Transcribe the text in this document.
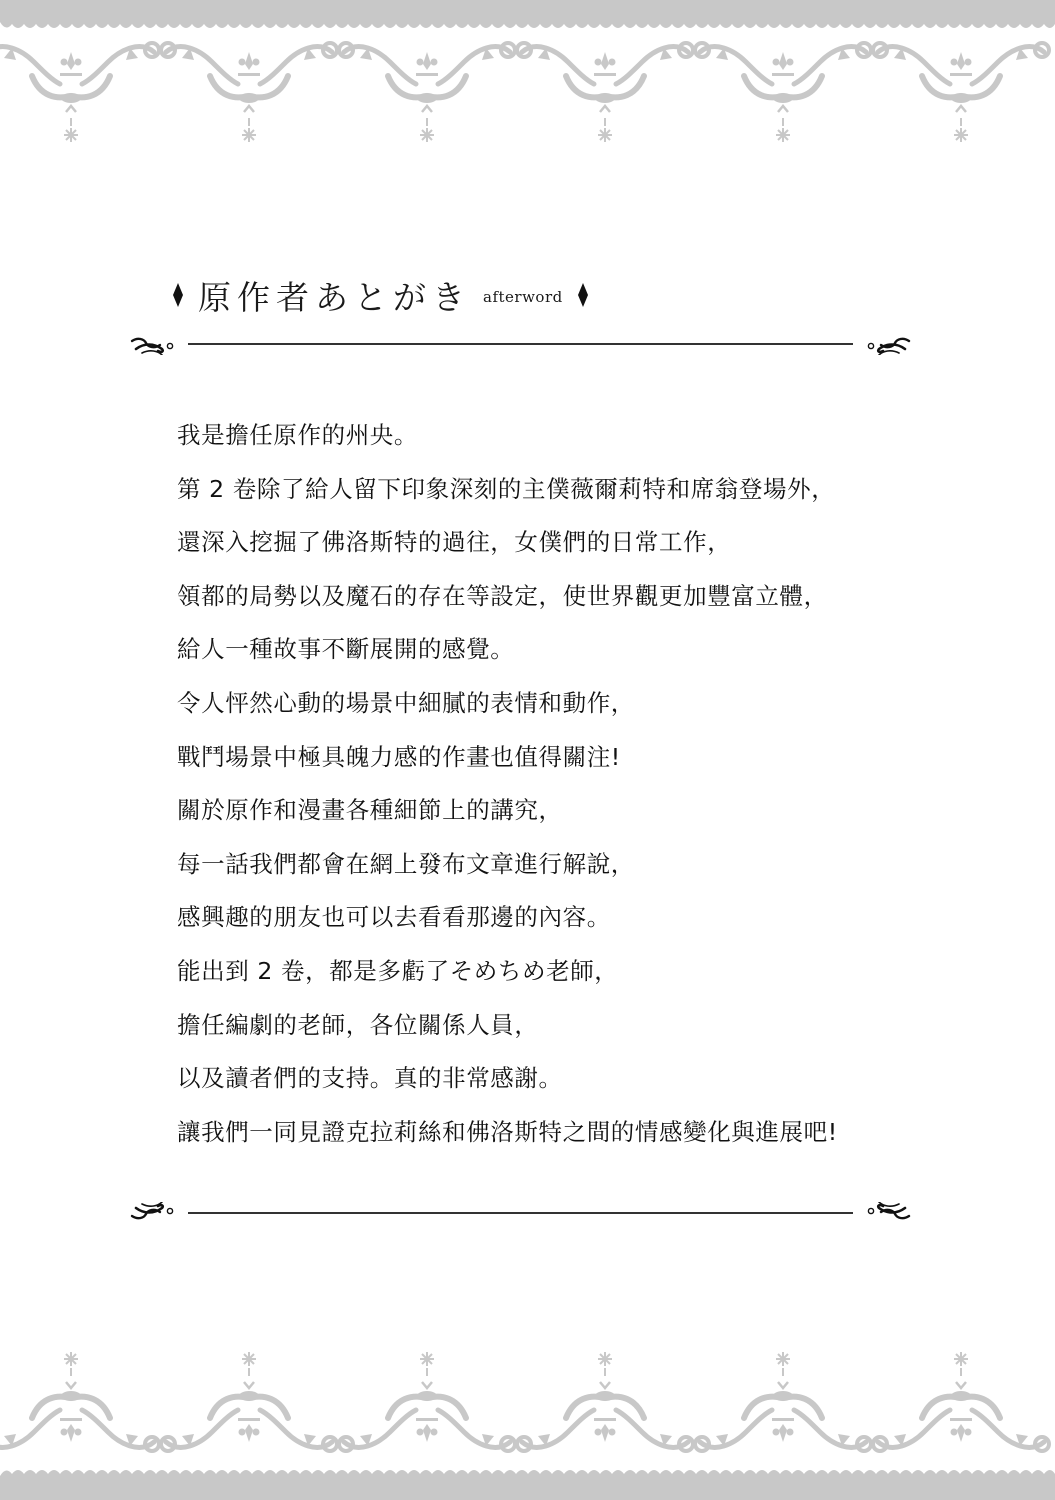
原作者あとがき afterword

我是擔任原作的州央。

第 2 卷除了給人留下印象深刻的主僕薇爾莉特和席翁登場外，

還深入挖掘了佛洛斯特的過往，女僕們的日常工作，

領都的局勢以及魔石的存在等設定，使世界觀更加豐富立體，

給人一種故事不斷展開的感覺。

令人怦然心動的場景中細膩的表情和動作，

戰鬥場景中極具魄力感的作畫也值得關注!

關於原作和漫畫各種細節上的講究，

每一話我們都會在網上發布文章進行解說，

感興趣的朋友也可以去看看那邊的內容。

能出到 2 卷，都是多虧了そめちめ老師，

擔任編劇的老師，各位關係人員，

以及讀者們的支持。真的非常感謝。

讓我們一同見證克拉莉絲和佛洛斯特之間的情感變化與進展吧!
